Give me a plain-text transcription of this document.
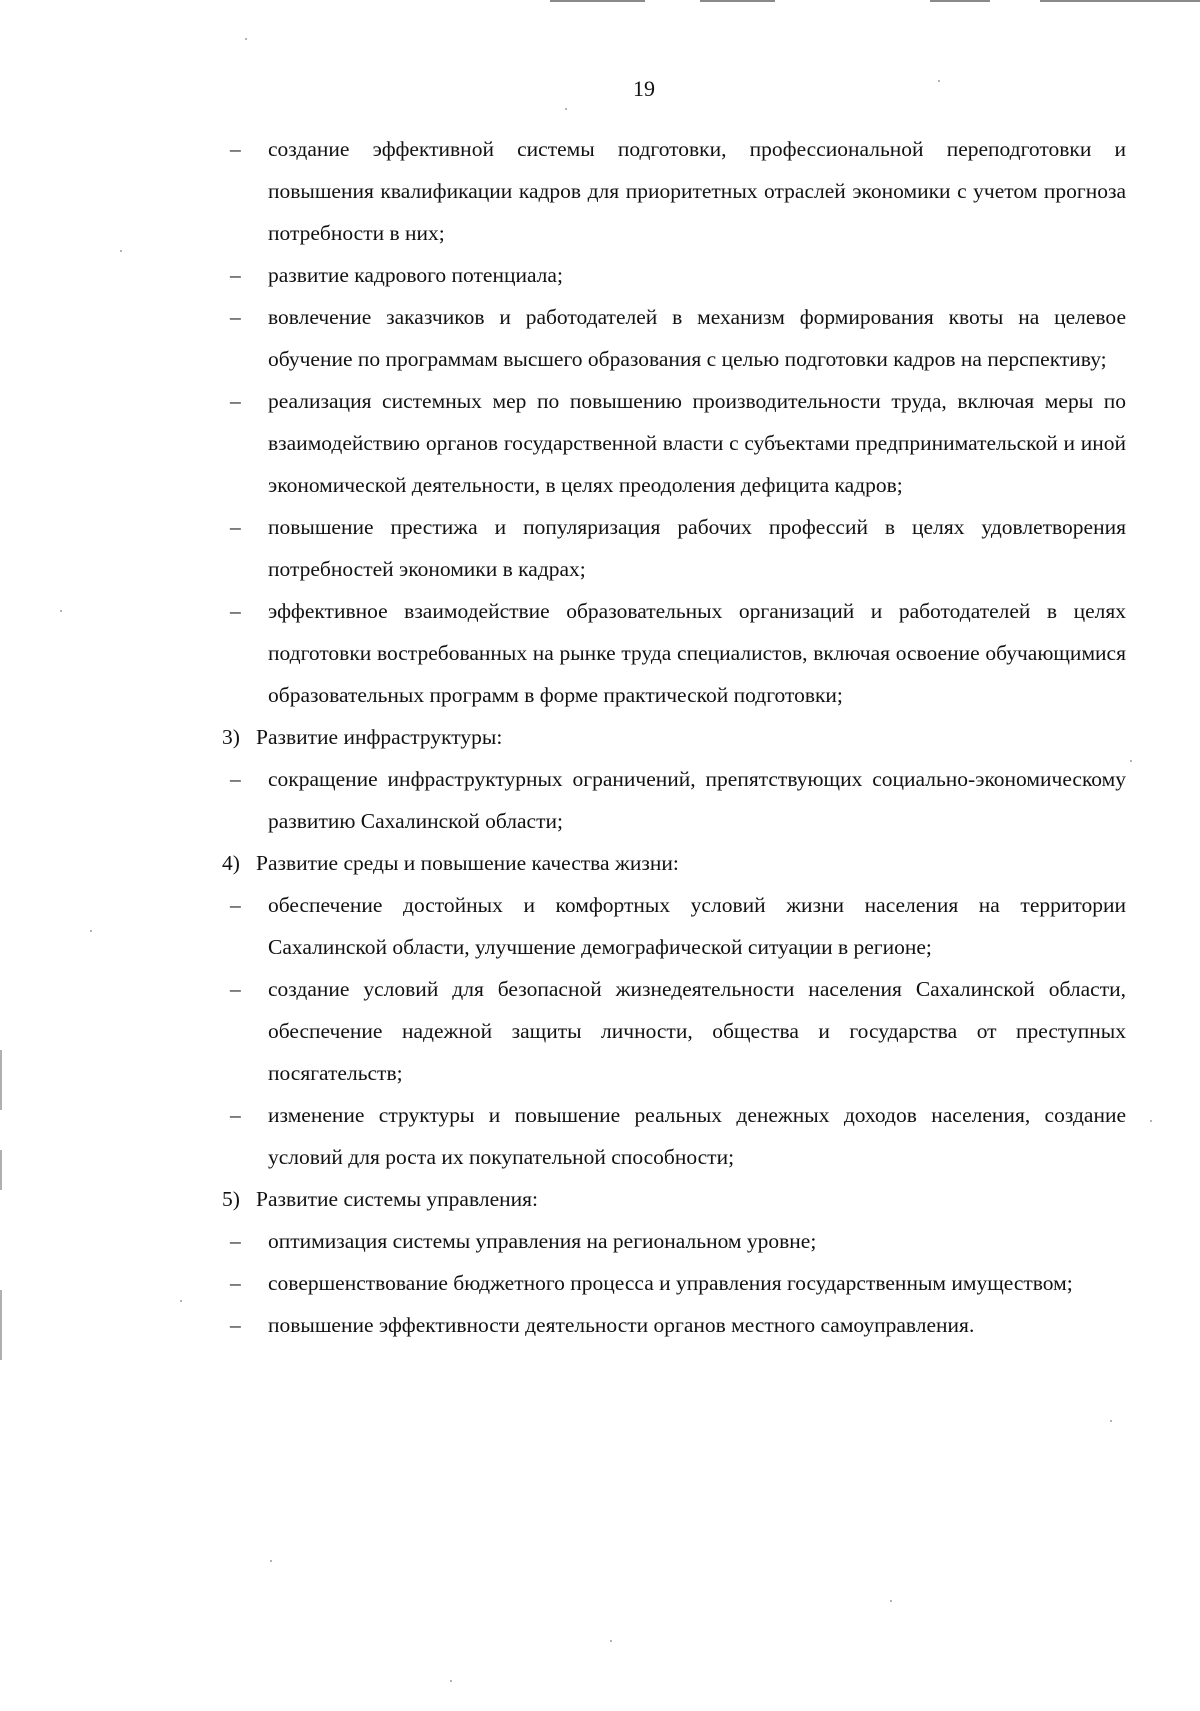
19
– создание эффективной системы подготовки, профессиональной переподготовки и повышения квалификации кадров для приоритетных отраслей экономики с учетом прогноза потребности в них;
– развитие кадрового потенциала;
– вовлечение заказчиков и работодателей в механизм формирования квоты на целевое обучение по программам высшего образования с целью подготовки кадров на перспективу;
– реализация системных мер по повышению производительности труда, включая меры по взаимодействию органов государственной власти с субъектами предпринимательской и иной экономической деятельности, в целях преодоления дефицита кадров;
– повышение престижа и популяризация рабочих профессий в целях удовлетворения потребностей экономики в кадрах;
– эффективное взаимодействие образовательных организаций и работодателей в целях подготовки востребованных на рынке труда специалистов, включая освоение обучающимися образовательных программ в форме практической подготовки;
3) Развитие инфраструктуры:
– сокращение инфраструктурных ограничений, препятствующих социально-экономическому развитию Сахалинской области;
4) Развитие среды и повышение качества жизни:
– обеспечение достойных и комфортных условий жизни населения на территории Сахалинской области, улучшение демографической ситуации в регионе;
– создание условий для безопасной жизнедеятельности населения Сахалинской области, обеспечение надежной защиты личности, общества и государства от преступных посягательств;
– изменение структуры и повышение реальных денежных доходов населения, создание условий для роста их покупательной способности;
5) Развитие системы управления:
– оптимизация системы управления на региональном уровне;
– совершенствование бюджетного процесса и управления государственным имуществом;
– повышение эффективности деятельности органов местного самоуправления.
